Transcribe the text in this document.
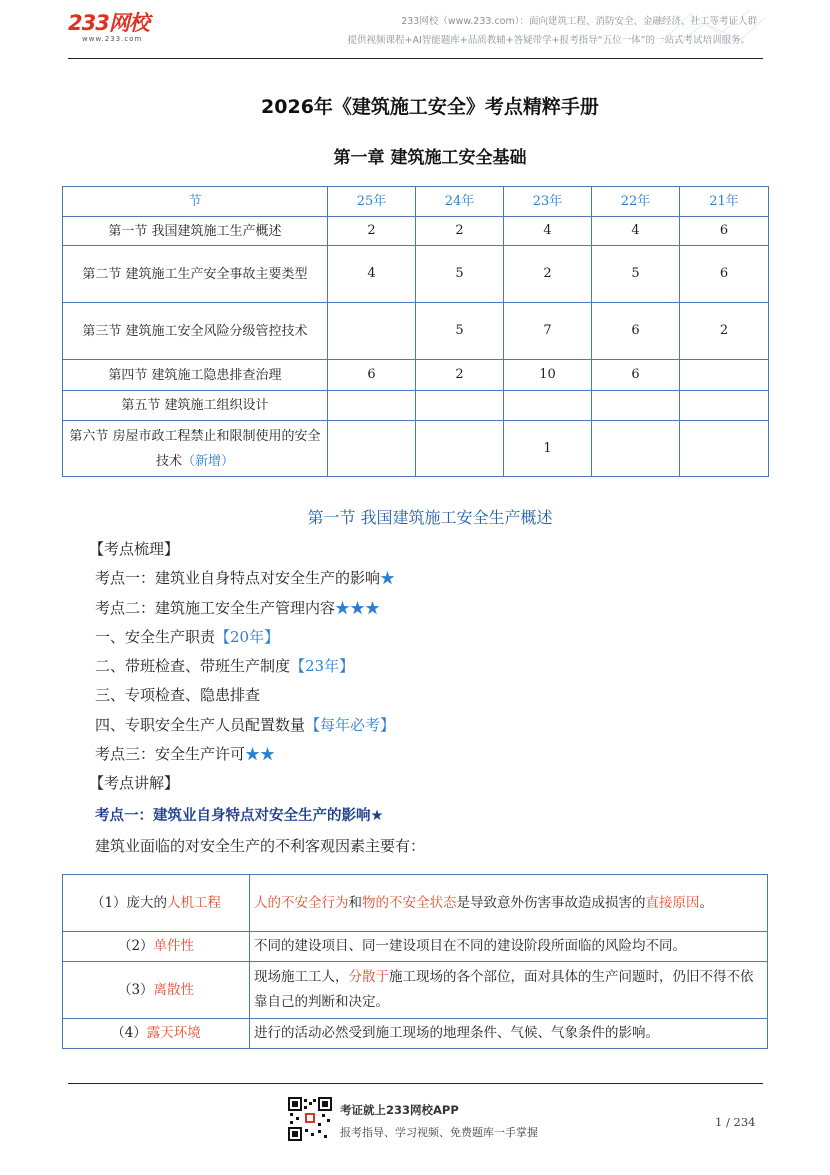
233网校
www.233.com
233网校（www.233.com）：面向建筑工程、消防安全、金融经济、社工等考证人群
提供视频课程+AI智能题库+品质教辅+答疑带学+报考指导“五位一体”的一站式考试培训服务。
2026年《建筑施工安全》考点精粹手册
第一章 建筑施工安全基础
节	25年	24年	23年	22年	21年
第一节 我国建筑施工生产概述	2	2	4	4	6
第二节 建筑施工生产安全事故主要类型	4	5	2	5	6
第三节 建筑施工安全风险分级管控技术		5	7	6	2
第四节 建筑施工隐患排查治理	6	2	10	6	
第五节 建筑施工组织设计					
第六节 房屋市政工程禁止和限制使用的安全技术（新增）			1		
第一节 我国建筑施工安全生产概述
【考点梳理】
考点一：建筑业自身特点对安全生产的影响★
考点二：建筑施工安全生产管理内容★★★
一、安全生产职责【20年】
二、带班检查、带班生产制度【23年】
三、专项检查、隐患排查
四、专职安全生产人员配置数量【每年必考】
考点三：安全生产许可★★
【考点讲解】
考点一：建筑业自身特点对安全生产的影响★
建筑业面临的对安全生产的不利客观因素主要有：
（1）庞大的人机工程	人的不安全行为和物的不安全状态是导致意外伤害事故造成损害的直接原因。
（2）单件性	不同的建设项目、同一建设项目在不同的建设阶段所面临的风险均不同。
（3）离散性	现场施工工人，分散于施工现场的各个部位，面对具体的生产问题时，仍旧不得不依靠自己的判断和决定。
（4）露天环境	进行的活动必然受到施工现场的地理条件、气候、气象条件的影响。
考证就上233网校APP
报考指导、学习视频、免费题库一手掌握
1 / 234
